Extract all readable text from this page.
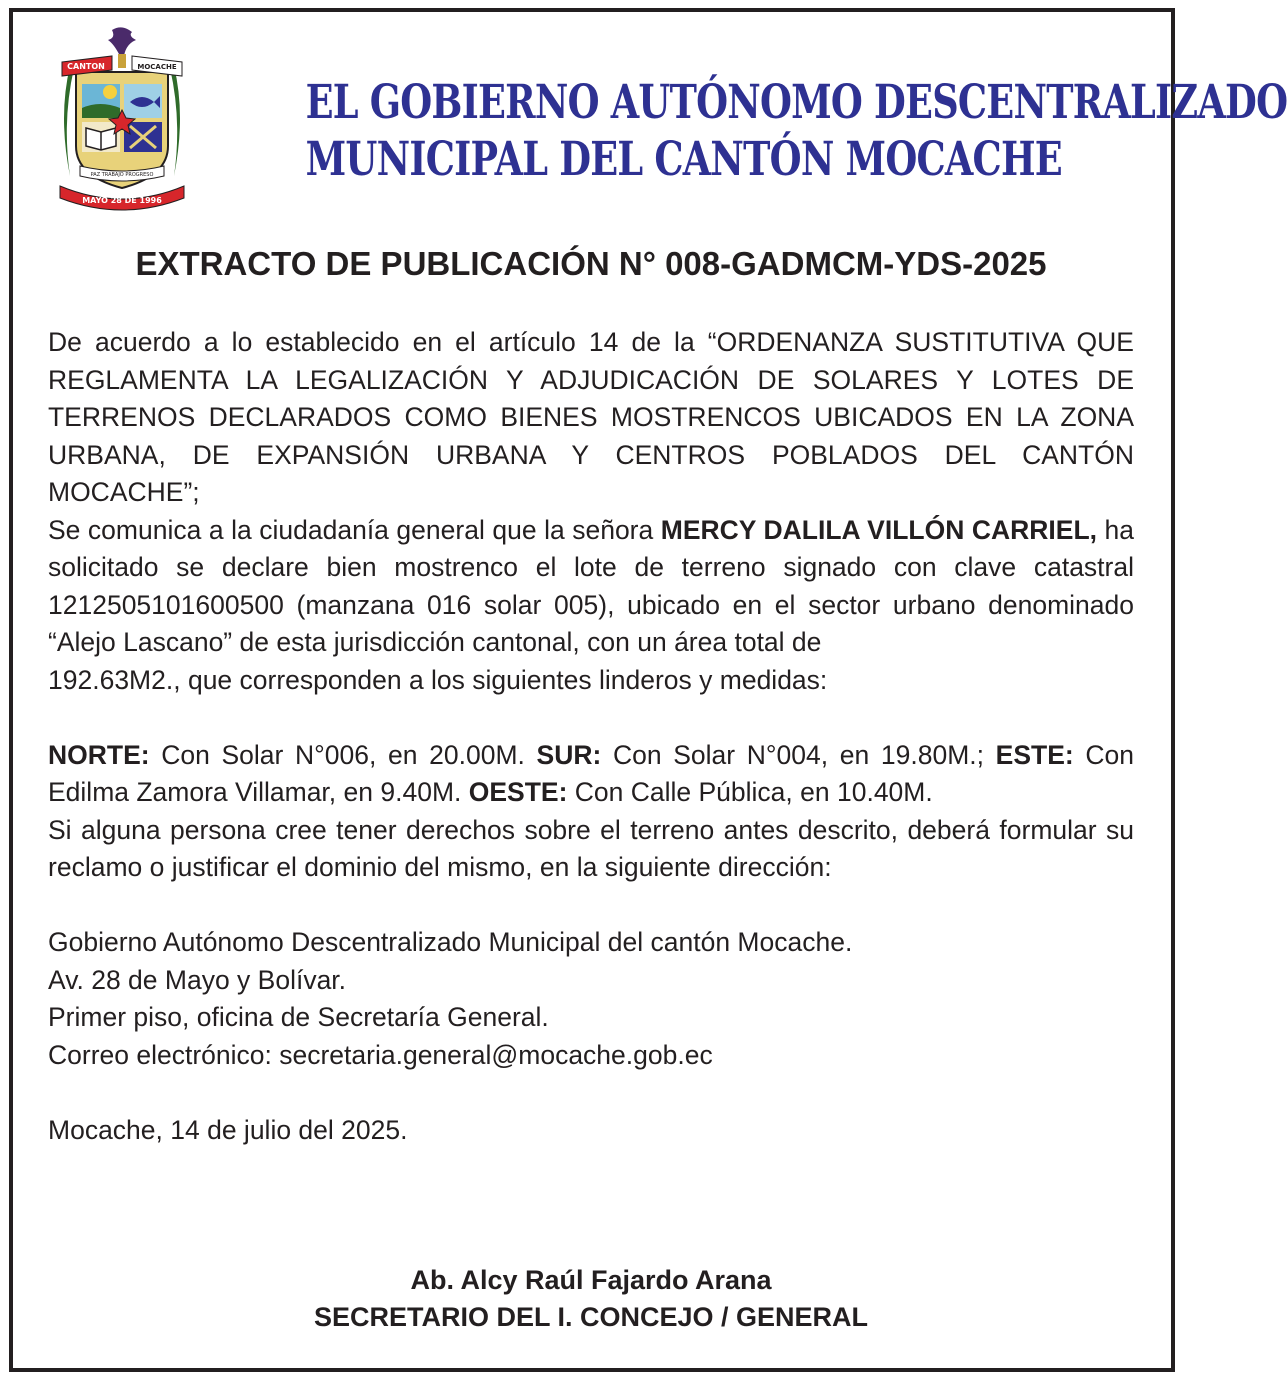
CANTON	MOCACHE
PAZ TRABAJO PROGRESO
MAYO 28 DE 1996
EL GOBIERNO AUTÓNOMO DESCENTRALIZADO
MUNICIPAL DEL CANTÓN MOCACHE
EXTRACTO DE PUBLICACIÓN N° 008-GADMCM-YDS-2025

De acuerdo a lo establecido en el artículo 14 de la “ORDENANZA SUSTITUTIVA QUE REGLAMENTA LA LEGALIZACIÓN Y ADJUDICACIÓN DE SOLARES Y LOTES DE TERRENOS DECLARADOS COMO BIENES MOSTRENCOS UBICADOS EN LA ZONA URBANA, DE EXPANSIÓN URBANA Y CENTROS POBLADOS DEL CANTÓN MOCACHE”;

Se comunica a la ciudadanía general que la señora MERCY DALILA VILLÓN CARRIEL, ha solicitado se declare bien mostrenco el lote de terreno signado con clave catastral 1212505101600500 (manzana 016 solar 005), ubicado en el sector urbano denominado “Alejo Lascano” de esta jurisdicción cantonal, con un área total de

192.63M2., que corresponden a los siguientes linderos y medidas:

NORTE: Con Solar N°006, en 20.00M. SUR: Con Solar N°004, en 19.80M.; ESTE: Con Edilma Zamora Villamar, en 9.40M. OESTE: Con Calle Pública, en 10.40M.

Si alguna persona cree tener derechos sobre el terreno antes descrito, deberá formular su reclamo o justificar el dominio del mismo, en la siguiente dirección:

Gobierno Autónomo Descentralizado Municipal del cantón Mocache.

Av. 28 de Mayo y Bolívar.

Primer piso, oficina de Secretaría General.

Correo electrónico: secretaria.general@mocache.gob.ec

Mocache, 14 de julio del 2025.

Ab. Alcy Raúl Fajardo Arana
SECRETARIO DEL I. CONCEJO / GENERAL
